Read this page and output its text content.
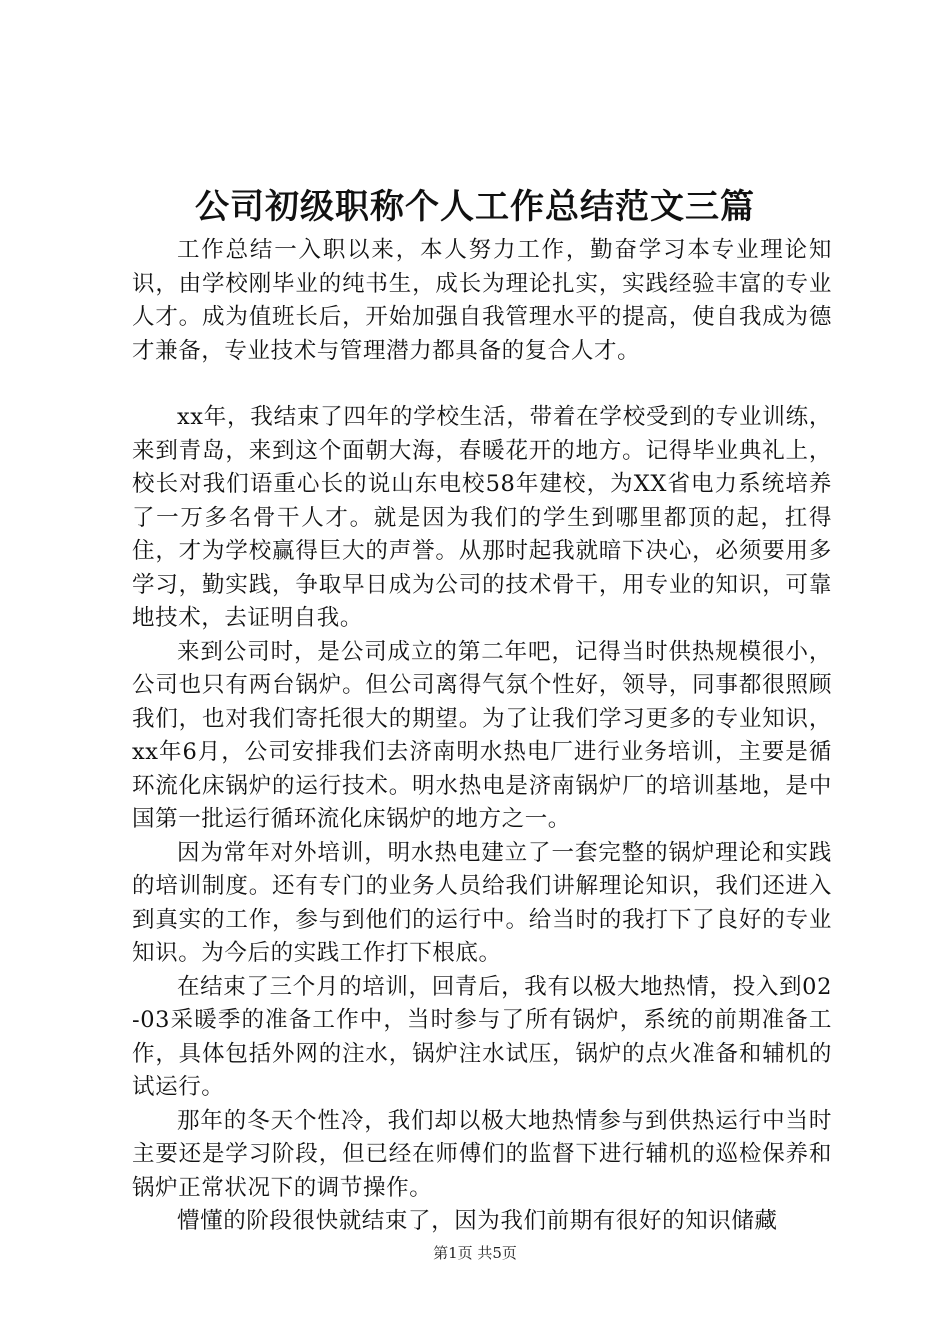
公司初级职称个人工作总结范文三篇

工作总结一入职以来，本人努力工作，勤奋学习本专业理论知识，由学校刚毕业的纯书生，成长为理论扎实，实践经验丰富的专业人才。成为值班长后，开始加强自我管理水平的提高，使自我成为德才兼备，专业技术与管理潜力都具备的复合人才。

xx年，我结束了四年的学校生活，带着在学校受到的专业训练，来到青岛，来到这个面朝大海，春暖花开的地方。记得毕业典礼上，校长对我们语重心长的说山东电校58年建校，为XX省电力系统培养了一万多名骨干人才。就是因为我们的学生到哪里都顶的起，扛得住，才为学校赢得巨大的声誉。从那时起我就暗下决心，必须要用多学习，勤实践，争取早日成为公司的技术骨干，用专业的知识，可靠地技术，去证明自我。

来到公司时，是公司成立的第二年吧，记得当时供热规模很小，公司也只有两台锅炉。但公司离得气氛个性好，领导，同事都很照顾我们，也对我们寄托很大的期望。为了让我们学习更多的专业知识，xx年6月，公司安排我们去济南明水热电厂进行业务培训，主要是循环流化床锅炉的运行技术。明水热电是济南锅炉厂的培训基地，是中国第一批运行循环流化床锅炉的地方之一。

因为常年对外培训，明水热电建立了一套完整的锅炉理论和实践的培训制度。还有专门的业务人员给我们讲解理论知识，我们还进入到真实的工作，参与到他们的运行中。给当时的我打下了良好的专业知识。为今后的实践工作打下根底。

在结束了三个月的培训，回青后，我有以极大地热情，投入到02-03采暖季的准备工作中，当时参与了所有锅炉，系统的前期准备工作，具体包括外网的注水，锅炉注水试压，锅炉的点火准备和辅机的试运行。

那年的冬天个性冷，我们却以极大地热情参与到供热运行中当时主要还是学习阶段，但已经在师傅们的监督下进行辅机的巡检保养和锅炉正常状况下的调节操作。

懵懂的阶段很快就结束了，因为我们前期有很好的知识储藏

第1页 共5页
